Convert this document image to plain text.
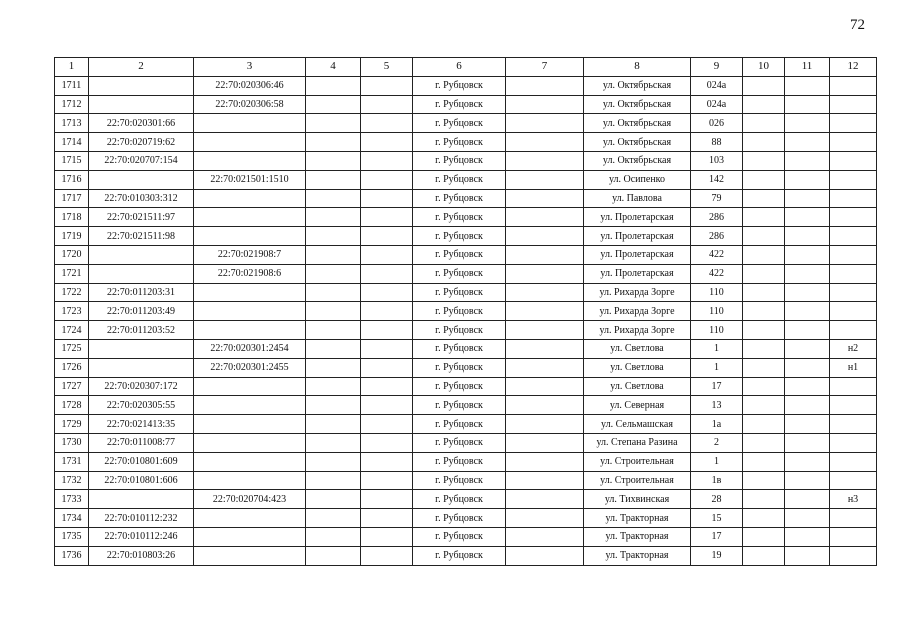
72
1	2	3	4	5	6	7	8	9	10	11	12
1711		22:70:020306:46			г. Рубцовск		ул. Октябрьская	024а			
1712		22:70:020306:58			г. Рубцовск		ул. Октябрьская	024а			
1713	22:70:020301:66				г. Рубцовск		ул. Октябрьская	026			
1714	22:70:020719:62				г. Рубцовск		ул. Октябрьская	88			
1715	22:70:020707:154				г. Рубцовск		ул. Октябрьская	103			
1716		22:70:021501:1510			г. Рубцовск		ул. Осипенко	142			
1717	22:70:010303:312				г. Рубцовск		ул. Павлова	79			
1718	22:70:021511:97				г. Рубцовск		ул. Пролетарская	286			
1719	22:70:021511:98				г. Рубцовск		ул. Пролетарская	286			
1720		22:70:021908:7			г. Рубцовск		ул. Пролетарская	422			
1721		22:70:021908:6			г. Рубцовск		ул. Пролетарская	422			
1722	22:70:011203:31				г. Рубцовск		ул. Рихарда Зорге	110			
1723	22:70:011203:49				г. Рубцовск		ул. Рихарда Зорге	110			
1724	22:70:011203:52				г. Рубцовск		ул. Рихарда Зорге	110			
1725		22:70:020301:2454			г. Рубцовск		ул. Светлова	1			н2
1726		22:70:020301:2455			г. Рубцовск		ул. Светлова	1			н1
1727	22:70:020307:172				г. Рубцовск		ул. Светлова	17			
1728	22:70:020305:55				г. Рубцовск		ул. Северная	13			
1729	22:70:021413:35				г. Рубцовск		ул. Сельмашская	1а			
1730	22:70:011008:77				г. Рубцовск		ул. Степана Разина	2			
1731	22:70:010801:609				г. Рубцовск		ул. Строительная	1			
1732	22:70:010801:606				г. Рубцовск		ул. Строительная	1в			
1733		22:70:020704:423			г. Рубцовск		ул. Тихвинская	28			н3
1734	22:70:010112:232				г. Рубцовск		ул. Тракторная	15			
1735	22:70:010112:246				г. Рубцовск		ул. Тракторная	17			
1736	22:70:010803:26				г. Рубцовск		ул. Тракторная	19			
